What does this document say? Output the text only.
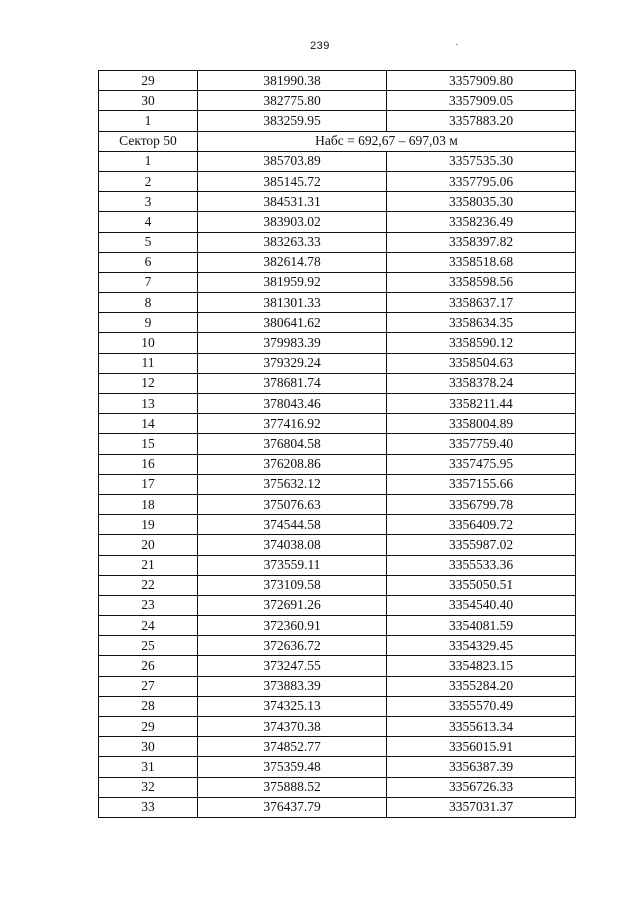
239
29	381990.38	3357909.80
30	382775.80	3357909.05
1	383259.95	3357883.20
Сектор 50	Набс = 692,67 – 697,03 м	
1	385703.89	3357535.30
2	385145.72	3357795.06
3	384531.31	3358035.30
4	383903.02	3358236.49
5	383263.33	3358397.82
6	382614.78	3358518.68
7	381959.92	3358598.56
8	381301.33	3358637.17
9	380641.62	3358634.35
10	379983.39	3358590.12
11	379329.24	3358504.63
12	378681.74	3358378.24
13	378043.46	3358211.44
14	377416.92	3358004.89
15	376804.58	3357759.40
16	376208.86	3357475.95
17	375632.12	3357155.66
18	375076.63	3356799.78
19	374544.58	3356409.72
20	374038.08	3355987.02
21	373559.11	3355533.36
22	373109.58	3355050.51
23	372691.26	3354540.40
24	372360.91	3354081.59
25	372636.72	3354329.45
26	373247.55	3354823.15
27	373883.39	3355284.20
28	374325.13	3355570.49
29	374370.38	3355613.34
30	374852.77	3356015.91
31	375359.48	3356387.39
32	375888.52	3356726.33
33	376437.79	3357031.37
